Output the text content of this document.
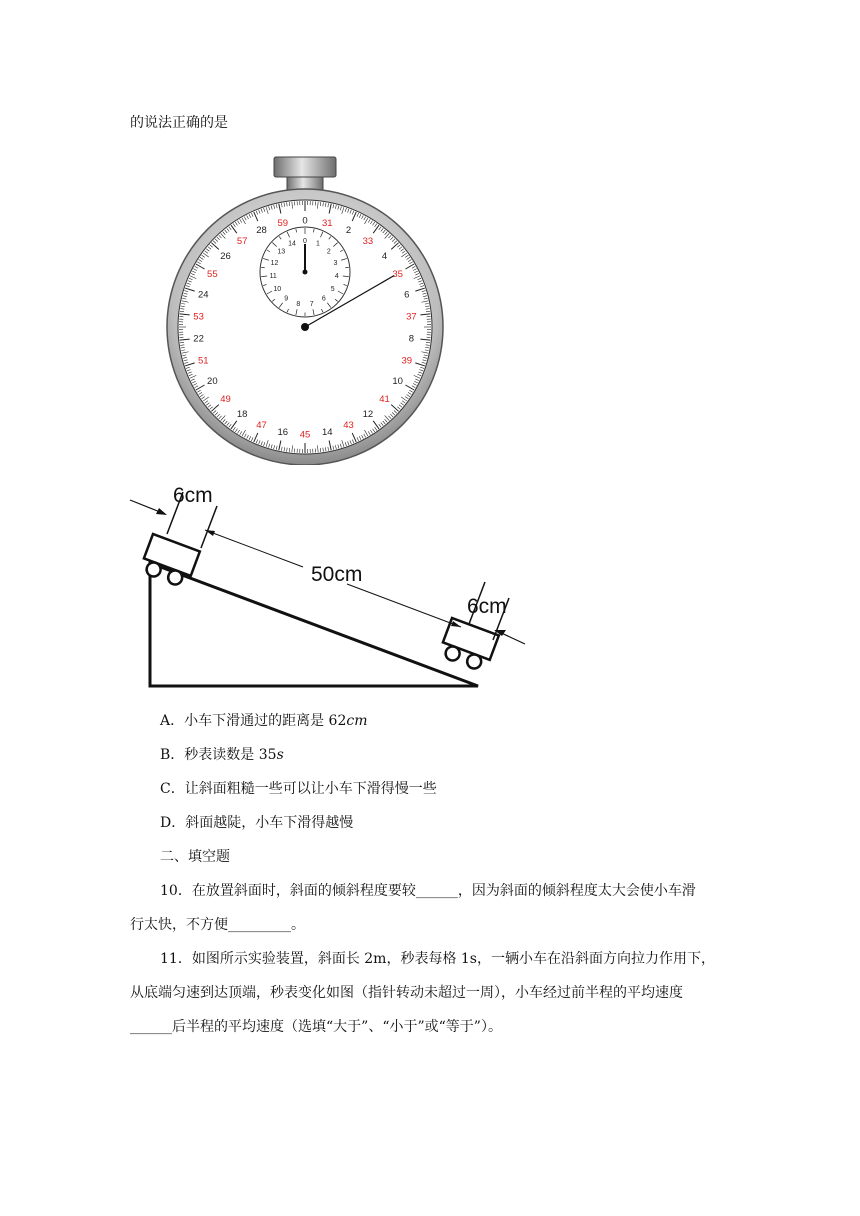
的说法正确的是
0
2
4
6
8
10
12
14
16
18
20
22
24
26
28
31
33
35
37
39
41
43
45
47
49
51
53
55
57
59
0 1
2
3
4
5
6
7
8
9
10
11
12
13
14
6cm
50cm
6cm
A．小车下滑通过的距离是 62cm
B．秒表读数是 35s
C．让斜面粗糙一些可以让小车下滑得慢一些
D．斜面越陡，小车下滑得越慢
二、填空题
10．在放置斜面时，斜面的倾斜程度要较______，因为斜面的倾斜程度太大会使小车滑
行太快，不方便_________。
11．如图所示实验装置，斜面长 2m，秒表每格 1s，一辆小车在沿斜面方向拉力作用下，
从底端匀速到达顶端，秒表变化如图（指针转动未超过一周），小车经过前半程的平均速度
______后半程的平均速度（选填“大于”、“小于”或“等于”）。
